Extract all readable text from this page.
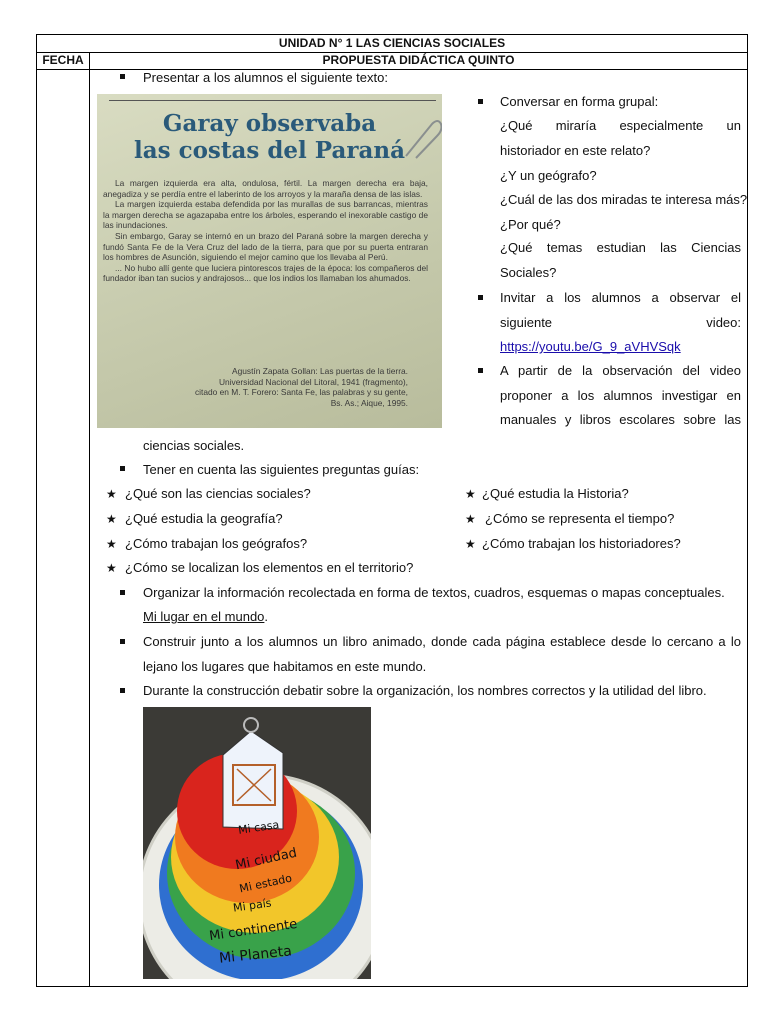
UNIDAD N° 1 LAS CIENCIAS SOCIALES
FECHA	PROPUESTA DIDÁCTICA QUINTO
Presentar a los alumnos el siguiente texto:
Garay observaba
las costas del Paraná

La margen izquierda era alta, ondulosa, fértil. La margen derecha era baja, anegadiza y se perdía entre el laberinto de los arroyos y la maraña densa de las islas.

La margen izquierda estaba defendida por las murallas de sus barrancas, mientras la margen derecha se agazapaba entre los árboles, esperando el inexorable castigo de las inundaciones.

Sin embargo, Garay se internó en un brazo del Paraná sobre la margen derecha y fundó Santa Fe de la Vera Cruz del lado de la tierra, para que por su puerta entraran los hombres de Asunción, siguiendo el mejor camino que los llevaba al Perú.

... No hubo allí gente que luciera pintorescos trajes de la época: los compañeros del fundador iban tan sucios y andrajosos... que los indios los llamaban los ahumados.

Agustín Zapata Gollan: Las puertas de la tierra.
Universidad Nacional del Litoral, 1941 (fragmento),
citado en M. T. Forero: Santa Fe, las palabras y su gente,
Bs. As.; Aique, 1995.
Conversar en forma grupal:
¿Qué miraría especialmente un historiador en este relato?
¿Y un geógrafo?
¿Cuál de las dos miradas te interesa más?
¿Por qué?
¿Qué temas estudian las Ciencias Sociales?
Invitar a los alumnos a observar el siguiente video:
https://youtu.be/G_9_aVHVSqk
A partir de la observación del video proponer a los alumnos investigar en manuales y libros escolares sobre las
ciencias sociales.
Tener en cuenta las siguientes preguntas guías:
★ ¿Qué son las ciencias sociales?
★ ¿Qué estudia la geografía?
★ ¿Cómo trabajan los geógrafos?
★ ¿Cómo se localizan los elementos en el territorio?
★ ¿Qué estudia la Historia?
★ ¿Cómo se representa el tiempo?
★ ¿Cómo trabajan los historiadores?
Organizar la información recolectada en forma de textos, cuadros, esquemas o mapas conceptuales.
Mi lugar en el mundo.
Construir junto a los alumnos un libro animado, donde cada página establece desde lo cercano a lo lejano los lugares que habitamos en este mundo.
Durante la construcción debatir sobre la organización, los nombres correctos y la utilidad del libro.
Mi casa
Mi ciudad
Mi estado
Mi país
Mi continente
Mi Planeta
